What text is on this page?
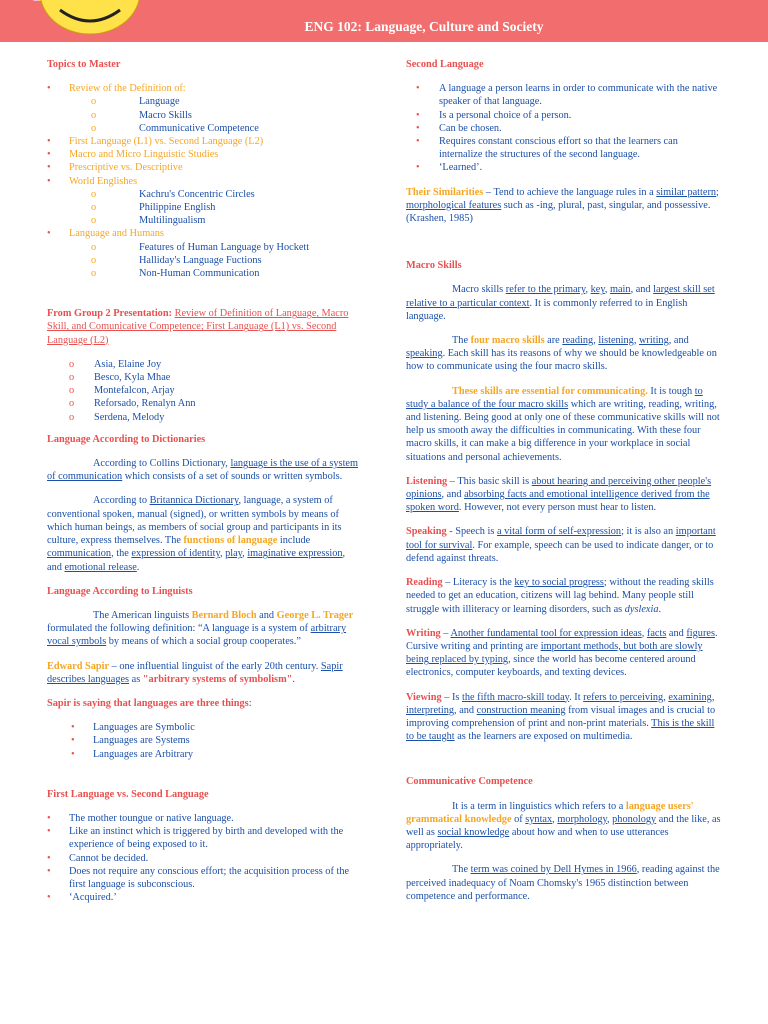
ENG 102: Language, Culture and Society
Topics to Master
• Review of the Definition of:
o Language
o Macro Skills
o Communicative Competence
• First Language (L1) vs. Second Language (L2)
• Macro and Micro Linguistic Studies
• Prescriptive vs. Descriptive
• World Englishes
o Kachru's Concentric Circles
o Philippine English
o Multilingualism
• Language and Humans
o Features of Human Language by Hockett
o Halliday's Language Fuctions
o Non-Human Communication

From Group 2 Presentation: Review of Definition of Language, Macro Skill, and Comunicative Competence; First Language (L1) vs. Second Language (L2)

o Asia, Elaine Joy
o Besco, Kyla Mhae
o Montefalcon, Arjay
o Reforsado, Renalyn Ann
o Serdena, Melody
Language According to Dictionaries

According to Collins Dictionary, language is the use of a system of communication which consists of a set of sounds or written symbols.

According to Britannica Dictionary, language, a system of conventional spoken, manual (signed), or written symbols by means of which human beings, as members of social group and participants in its culture, express themselves. The functions of language include communication, the expression of identity, play, imaginative expression, and emotional release.

Language According to Linguists

The American linguists Bernard Bloch and George L. Trager formulated the following definition: “A language is a system of arbitrary vocal symbols by means of which a social group cooperates.”

Edward Sapir – one influential linguist of the early 20th century. Sapir describes languages as "arbitrary systems of symbolism".

Sapir is saying that languages are three things:

• Languages are Symbolic
• Languages are Systems
• Languages are Arbitrary
First Language vs. Second Language
• The mother toungue or native language.
• Like an instinct which is triggered by birth and developed with the experience of being exposed to it.
• Cannot be decided.
• Does not require any conscious effort; the acquisition process of the first language is subconscious.
• ‘Acquired.’
Second Language
• A language a person learns in order to communicate with the native speaker of that language.
• Is a personal choice of a person.
• Can be chosen.
• Requires constant conscious effort so that the learners can internalize the structures of the second language.
• ‘Learned’.

Their Similarities – Tend to achieve the language rules in a similar pattern; morphological features such as -ing, plural, past, singular, and possessive. (Krashen, 1985)

Macro Skills

Macro skills refer to the primary, key, main, and largest skill set relative to a particular context. It is commonly referred to in English language.

The four macro skills are reading, listening, writing, and speaking. Each skill has its reasons of why we should be knowledgeable on how to communicate using the four macro skills.

These skills are essential for communicating. It is tough to study a balance of the four macro skills which are writing, reading, writing, and listening. Being good at only one of these communicative skills will not help us smooth away the difficulties in communicating. With these four macro skills, it can make a big difference in your workplace in social situations and personal achievements.

Listening – This basic skill is about hearing and perceiving other people's opinions, and absorbing facts and emotional intelligence derived from the spoken word. However, not every person must hear to listen.

Speaking - Speech is a vital form of self-expression; it is also an important tool for survival. For example, speech can be used to indicate danger, or to defend against threats.

Reading – Literacy is the key to social progress; without the reading skills needed to get an education, citizens will lag behind. Many people still struggle with illiteracy or learning disorders, such as dyslexia.

Writing – Another fundamental tool for expression ideas, facts and figures. Cursive writing and printing are important methods, but both are slowly being replaced by typing, since the world has become centered around electronics, computer keyboards, and texting devices.

Viewing – Is the fifth macro-skill today. It refers to perceiving, examining, interpreting, and construction meaning from visual images and is crucial to improving comprehension of print and non-print materials. This is the skill to be taught as the learners are exposed on multimedia.

Communicative Competence

It is a term in linguistics which refers to a language users' grammatical knowledge of syntax, morphology, phonology and the like, as well as social knowledge about how and when to use utterances appropriately.

The term was coined by Dell Hymes in 1966, reading against the perceived inadequacy of Noam Chomsky's 1965 distinction between competence and performance.
